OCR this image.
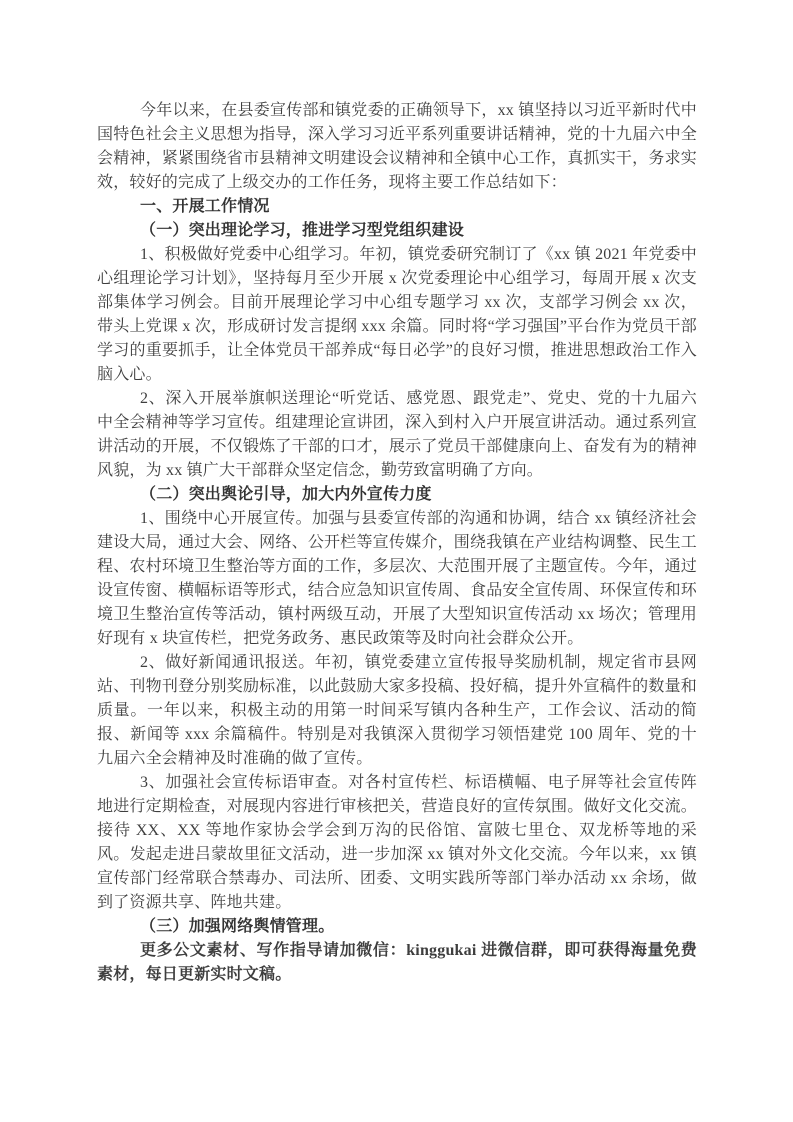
今年以来，在县委宣传部和镇党委的正确领导下，xx 镇坚持以习近平新时代中国特色社会主义思想为指导，深入学习习近平系列重要讲话精神，党的十九届六中全会精神，紧紧围绕省市县精神文明建设会议精神和全镇中心工作，真抓实干，务求实效，较好的完成了上级交办的工作任务，现将主要工作总结如下：

一、开展工作情况

（一）突出理论学习，推进学习型党组织建设

1、积极做好党委中心组学习。年初，镇党委研究制订了《xx 镇 2021 年党委中心组理论学习计划》，坚持每月至少开展 x 次党委理论中心组学习，每周开展 x 次支部集体学习例会。目前开展理论学习中心组专题学习 xx 次，支部学习例会 xx 次，带头上党课 x 次，形成研讨发言提纲 xxx 余篇。同时将“学习强国”平台作为党员干部学习的重要抓手，让全体党员干部养成“每日必学”的良好习惯，推进思想政治工作入脑入心。

2、深入开展举旗帜送理论“听党话、感党恩、跟党走”、党史、党的十九届六中全会精神等学习宣传。组建理论宣讲团，深入到村入户开展宣讲活动。通过系列宣讲活动的开展，不仅锻炼了干部的口才，展示了党员干部健康向上、奋发有为的精神风貌，为 xx 镇广大干部群众坚定信念，勤劳致富明确了方向。

（二）突出舆论引导，加大内外宣传力度

1、围绕中心开展宣传。加强与县委宣传部的沟通和协调，结合 xx 镇经济社会建设大局，通过大会、网络、公开栏等宣传媒介，围绕我镇在产业结构调整、民生工程、农村环境卫生整治等方面的工作，多层次、大范围开展了主题宣传。今年，通过设宣传窗、横幅标语等形式，结合应急知识宣传周、食品安全宣传周、环保宣传和环境卫生整治宣传等活动，镇村两级互动，开展了大型知识宣传活动 xx 场次；管理用好现有 x 块宣传栏，把党务政务、惠民政策等及时向社会群众公开。

2、做好新闻通讯报送。年初，镇党委建立宣传报导奖励机制，规定省市县网站、刊物刊登分别奖励标准，以此鼓励大家多投稿、投好稿，提升外宣稿件的数量和质量。一年以来，积极主动的用第一时间采写镇内各种生产，工作会议、活动的简报、新闻等 xxx 余篇稿件。特别是对我镇深入贯彻学习领悟建党 100 周年、党的十九届六全会精神及时准确的做了宣传。

3、加强社会宣传标语审查。对各村宣传栏、标语横幅、电子屏等社会宣传阵地进行定期检查，对展现内容进行审核把关，营造良好的宣传氛围。做好文化交流。接待 XX、XX 等地作家协会学会到万沟的民俗馆、富陂七里仓、双龙桥等地的采风。发起走进吕蒙故里征文活动，进一步加深 xx 镇对外文化交流。今年以来，xx 镇宣传部门经常联合禁毒办、司法所、团委、文明实践所等部门举办活动 xx 余场，做到了资源共享、阵地共建。

（三）加强网络舆情管理。

更多公文素材、写作指导请加微信：kinggukai 进微信群，即可获得海量免费素材，每日更新实时文稿。
